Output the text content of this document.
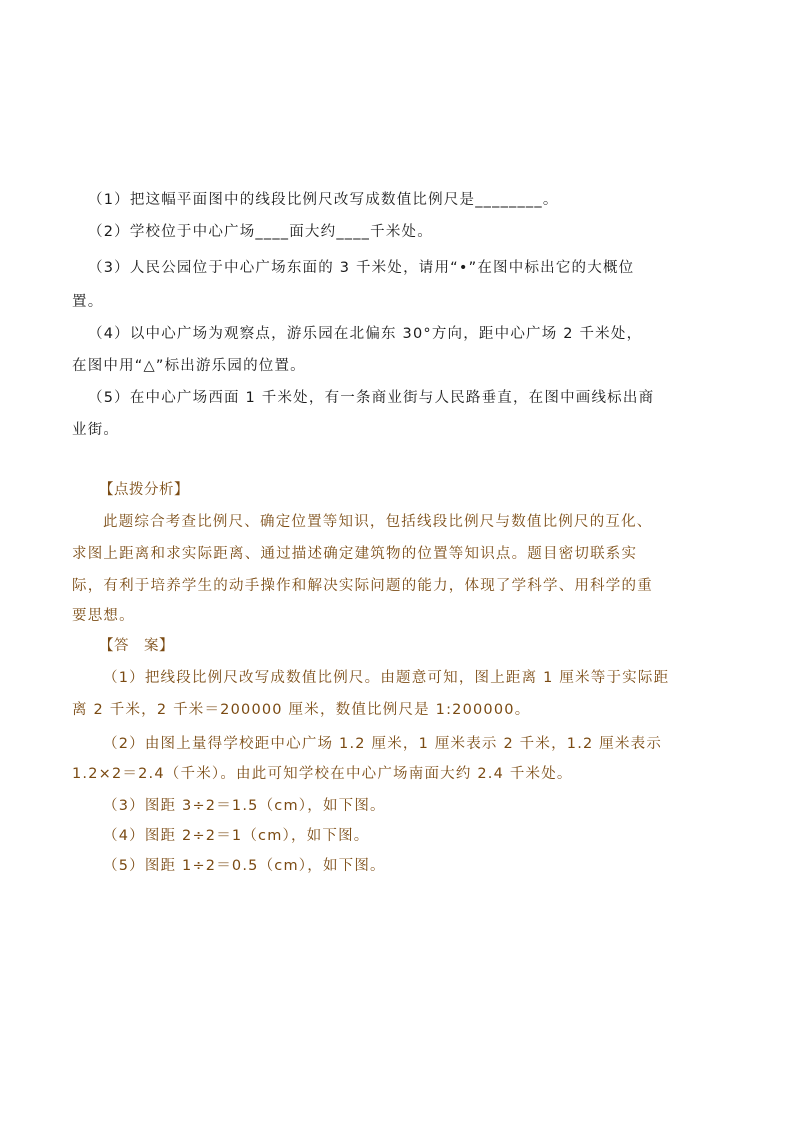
（1）把这幅平面图中的线段比例尺改写成数值比例尺是________。
（2）学校位于中心广场____面大约____千米处。
（3）人民公园位于中心广场东面的 3 千米处，请用“•”在图中标出它的大概位
置。
（4）以中心广场为观察点，游乐园在北偏东 30°方向，距中心广场 2 千米处，
在图中用“△”标出游乐园的位置。
（5）在中心广场西面 1 千米处，有一条商业街与人民路垂直，在图中画线标出商
业街。
【点拨分析】
此题综合考查比例尺、确定位置等知识，包括线段比例尺与数值比例尺的互化、
求图上距离和求实际距离、通过描述确定建筑物的位置等知识点。题目密切联系实
际，有利于培养学生的动手操作和解决实际问题的能力，体现了学科学、用科学的重
要思想。
【答　案】
（1）把线段比例尺改写成数值比例尺。由题意可知，图上距离 1 厘米等于实际距
离 2 千米，2 千米＝200000 厘米，数值比例尺是 1:200000。
（2）由图上量得学校距中心广场 1.2 厘米，1 厘米表示 2 千米，1.2 厘米表示
1.2×2＝2.4（千米）。由此可知学校在中心广场南面大约 2.4 千米处。
（3）图距 3÷2＝1.5（cm），如下图。
（4）图距 2÷2＝1（cm），如下图。
（5）图距 1÷2＝0.5（cm），如下图。
